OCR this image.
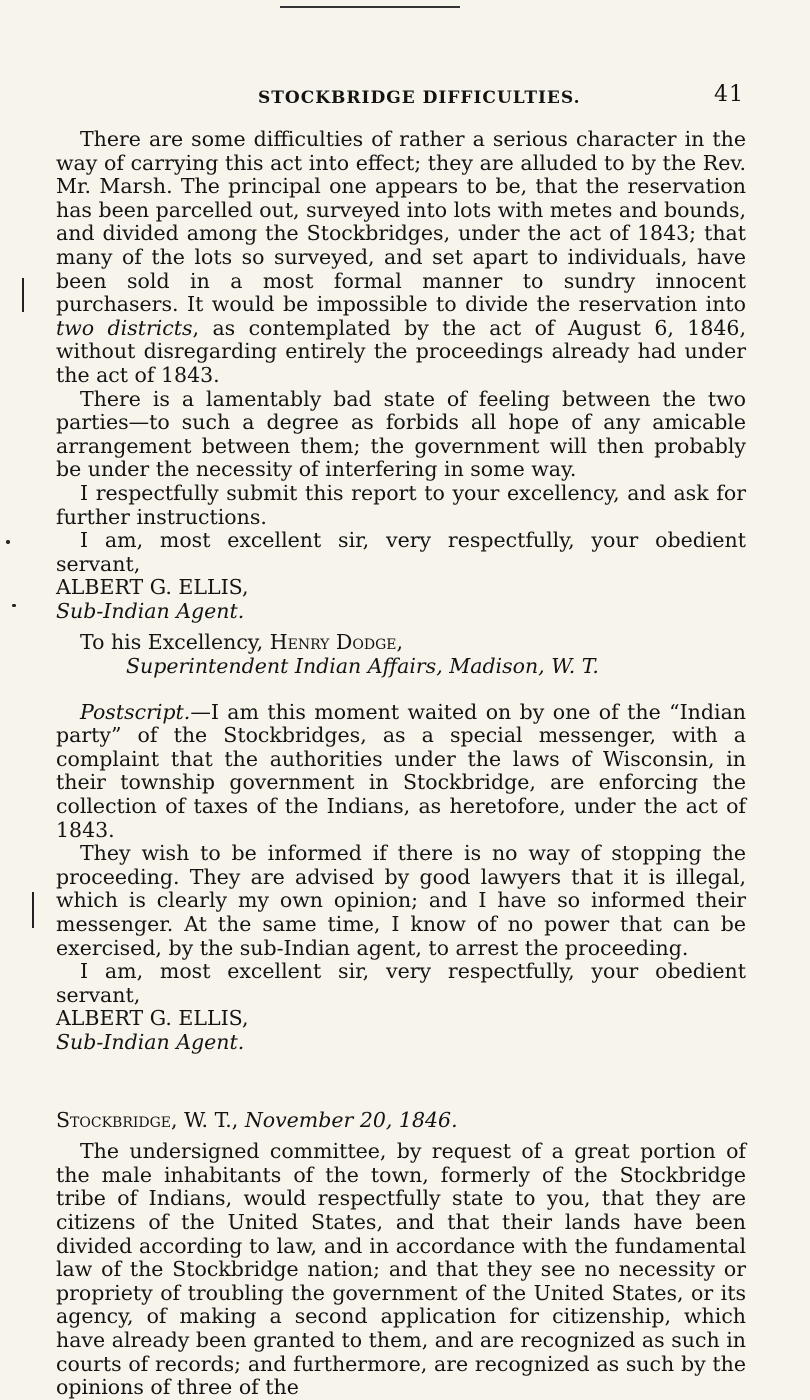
STOCKBRIDGE DIFFICULTIES.	41

There are some difficulties of rather a serious character in the way of carrying this act into effect; they are alluded to by the Rev. Mr. Marsh. The principal one appears to be, that the reservation has been parcelled out, surveyed into lots with metes and bounds, and divided among the Stockbridges, under the act of 1843; that many of the lots so surveyed, and set apart to individuals, have been sold in a most formal manner to sundry innocent purchasers. It would be impossible to divide the reservation into two districts, as contemplated by the act of August 6, 1846, without disregarding entirely the proceedings already had under the act of 1843.

There is a lamentably bad state of feeling between the two parties—to such a degree as forbids all hope of any amicable arrangement between them; the government will then probably be under the necessity of interfering in some way.

I respectfully submit this report to your excellency, and ask for further instructions.

I am, most excellent sir, very respectfully, your obedient servant,

ALBERT G. ELLIS,

Sub-Indian Agent.

To his Excellency, Henry Dodge,

Superintendent Indian Affairs, Madison, W. T.

Postscript.—I am this moment waited on by one of the “Indian party” of the Stockbridges, as a special messenger, with a complaint that the authorities under the laws of Wisconsin, in their township government in Stockbridge, are enforcing the collection of taxes of the Indians, as heretofore, under the act of 1843.

They wish to be informed if there is no way of stopping the proceeding. They are advised by good lawyers that it is illegal, which is clearly my own opinion; and I have so informed their messenger. At the same time, I know of no power that can be exercised, by the sub-Indian agent, to arrest the proceeding.

I am, most excellent sir, very respectfully, your obedient servant,

ALBERT G. ELLIS,

Sub-Indian Agent.

Stockbridge, W. T., November 20, 1846.

The undersigned committee, by request of a great portion of the male inhabitants of the town, formerly of the Stockbridge tribe of Indians, would respectfully state to you, that they are citizens of the United States, and that their lands have been divided according to law, and in accordance with the fundamental law of the Stockbridge nation; and that they see no necessity or propriety of troubling the government of the United States, or its agency, of making a second application for citizenship, which have already been granted to them, and are recognized as such in courts of records; and furthermore, are recognized as such by the opinions of three of the
